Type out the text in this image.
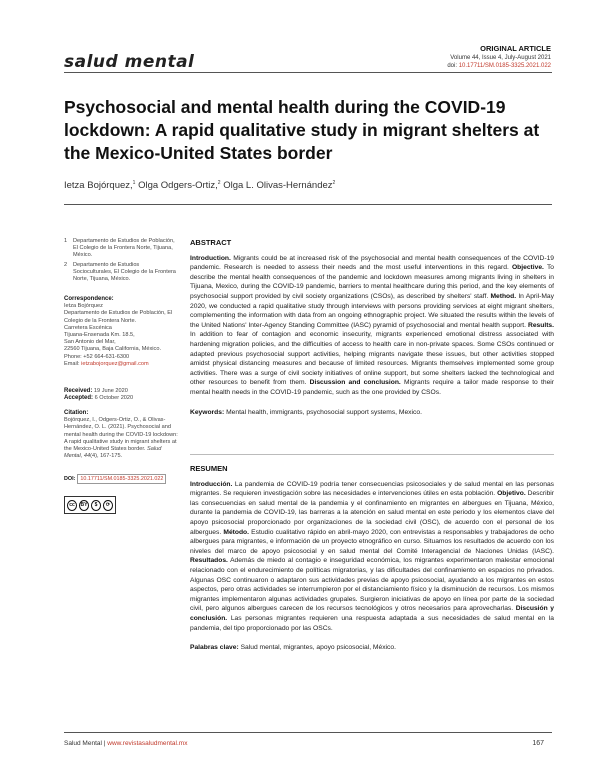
salud mental
ORIGINAL ARTICLE
Volume 44, Issue 4, July-August 2021
doi: 10.17711/SM.0185-3325.2021.022
Psychosocial and mental health during the COVID-19 lockdown: A rapid qualitative study in migrant shelters at the Mexico-United States border
Ietza Bojórquez,$^1$ Olga Odgers-Ortiz,$^2$ Olga L. Olivas-Hernández$^2$
1	Departamento de Estudios de Población, El Colegio de la Frontera Norte, Tijuana, México.
2	Departamento de Estudios Socioculturales, El Colegio de la Frontera Norte, Tijuana, México.
Correspondence:
Ietza Bojórquez
Departamento de Estudios de Población, El Colegio de la Frontera Norte.
Carretera Escénica
Tijuana-Ensenada Km. 18.5,
San Antonio del Mar,
22560 Tijuana, Baja California, México.
Phone: +52 664-631-6300
Email: ietzabojorquez@gmail.com
Received: 19 June 2020
Accepted: 6 October 2020
Citation:
Bojórquez, I., Odgers-Ortiz, O., & Olivas-Hernández, O. L. (2021). Psychosocial and mental health during the COVID-19 lockdown: A rapid qualitative study in migrant shelters at the Mexico-United States border. Salud Mental, 44(4), 167-175.
DOI: 10.17711/SM.0185-3325.2021.022
cc	BY	$	⟳
ABSTRACT

Introduction. Migrants could be at increased risk of the psychosocial and mental health consequences of the COVID-19 pandemic. Research is needed to assess their needs and the most useful interventions in this regard. Objective. To describe the mental health consequences of the pandemic and lockdown measures among migrants living in shelters in Tijuana, Mexico, during the COVID-19 pandemic, barriers to mental healthcare during this period, and the key elements of psychosocial support provided by civil society organizations (CSOs), as described by shelters' staff. Method. In April-May 2020, we conducted a rapid qualitative study through interviews with persons providing services at eight migrant shelters, complementing the information with data from an ongoing ethnographic project. We situated the results within the levels of the United Nations' Inter-Agency Standing Committee (IASC) pyramid of psychosocial and mental health support. Results. In addition to fear of contagion and economic insecurity, migrants experienced emotional distress associated with hardening migration policies, and the difficulties of access to health care in non-private spaces. Some CSOs continued or adapted previous psychosocial support activities, helping migrants navigate these issues, but other activities stopped amidst physical distancing measures and because of limited resources. Migrants themselves implemented some group activities. There was a surge of civil society initiatives of online support, but some shelters lacked the technological and other resources to benefit from them. Discussion and conclusion. Migrants require a tailor made response to their mental health needs in the COVID-19 pandemic, such as the one provided by CSOs.

Keywords: Mental health, immigrants, psychosocial support systems, Mexico.

RESUMEN

Introducción. La pandemia de COVID-19 podría tener consecuencias psicosociales y de salud mental en las personas migrantes. Se requieren investigación sobre las necesidades e intervenciones útiles en esta población. Objetivo. Describir las consecuencias en salud mental de la pandemia y el confinamiento en migrantes en albergues en Tijuana, México, durante la pandemia de COVID-19, las barreras a la atención en salud mental en este periodo y los elementos clave del apoyo psicosocial proporcionado por organizaciones de la sociedad civil (OSC), de acuerdo con el personal de los albergues. Método. Estudio cualitativo rápido en abril-mayo 2020, con entrevistas a responsables y trabajadores de ocho albergues para migrantes, e información de un proyecto etnográfico en curso. Situamos los resultados de acuerdo con los niveles del marco de apoyo psicosocial y en salud mental del Comité Interagencial de Naciones Unidas (IASC). Resultados. Además de miedo al contagio e inseguridad económica, los migrantes experimentaron malestar emocional relacionado con el endurecimiento de políticas migratorias, y las dificultades del confinamiento en espacios no privados. Algunas OSC continuaron o adaptaron sus actividades previas de apoyo psicosocial, ayudando a los migrantes en estos aspectos, pero otras actividades se interrumpieron por el distanciamiento físico y la disminución de recursos. Los mismos migrantes implementaron algunas actividades grupales. Surgieron iniciativas de apoyo en línea por parte de la sociedad civil, pero algunos albergues carecen de los recursos tecnológicos y otros necesarios para aprovecharlas. Discusión y conclusión. Las personas migrantes requieren una respuesta adaptada a sus necesidades de salud mental en la pandemia, del tipo proporcionado por las OSCs.

Palabras clave: Salud mental, migrantes, apoyo psicosocial, México.

Salud Mental | www.revistasaludmental.mx	167
